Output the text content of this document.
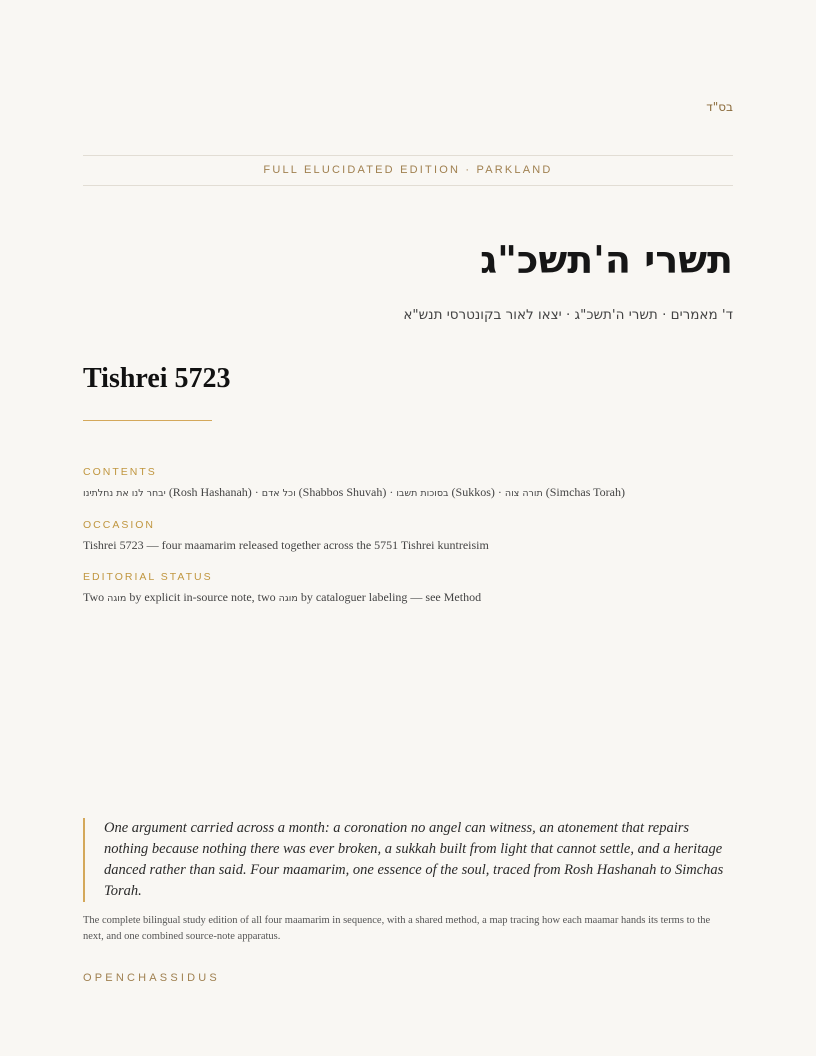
בס"ד
FULL ELUCIDATED EDITION · PARKLAND
תשרי ה'תשכ"ג
ד' מאמרים · תשרי ה'תשכ"ג · יצאו לאור בקונטרסי תנש"א
Tishrei 5723
CONTENTS
יבחר לנו את נחלתינו (Rosh Hashanah) · וכל אדם (Shabbos Shuvah) · בסוכות תשבו (Sukkos) · תורה צוה (Simchas Torah)
OCCASION
Tishrei 5723 — four maamarim released together across the 5751 Tishrei kuntreisim
EDITORIAL STATUS
Two מוגה by explicit in-source note, two מוגה by cataloguer labeling — see Method
One argument carried across a month: a coronation no angel can witness, an atonement that repairs nothing because nothing there was ever broken, a sukkah built from light that cannot settle, and a heritage danced rather than said. Four maamarim, one essence of the soul, traced from Rosh Hashanah to Simchas Torah.
The complete bilingual study edition of all four maamarim in sequence, with a shared method, a map tracing how each maamar hands its terms to the next, and one combined source-note apparatus.
OPENCHASSIDUS
